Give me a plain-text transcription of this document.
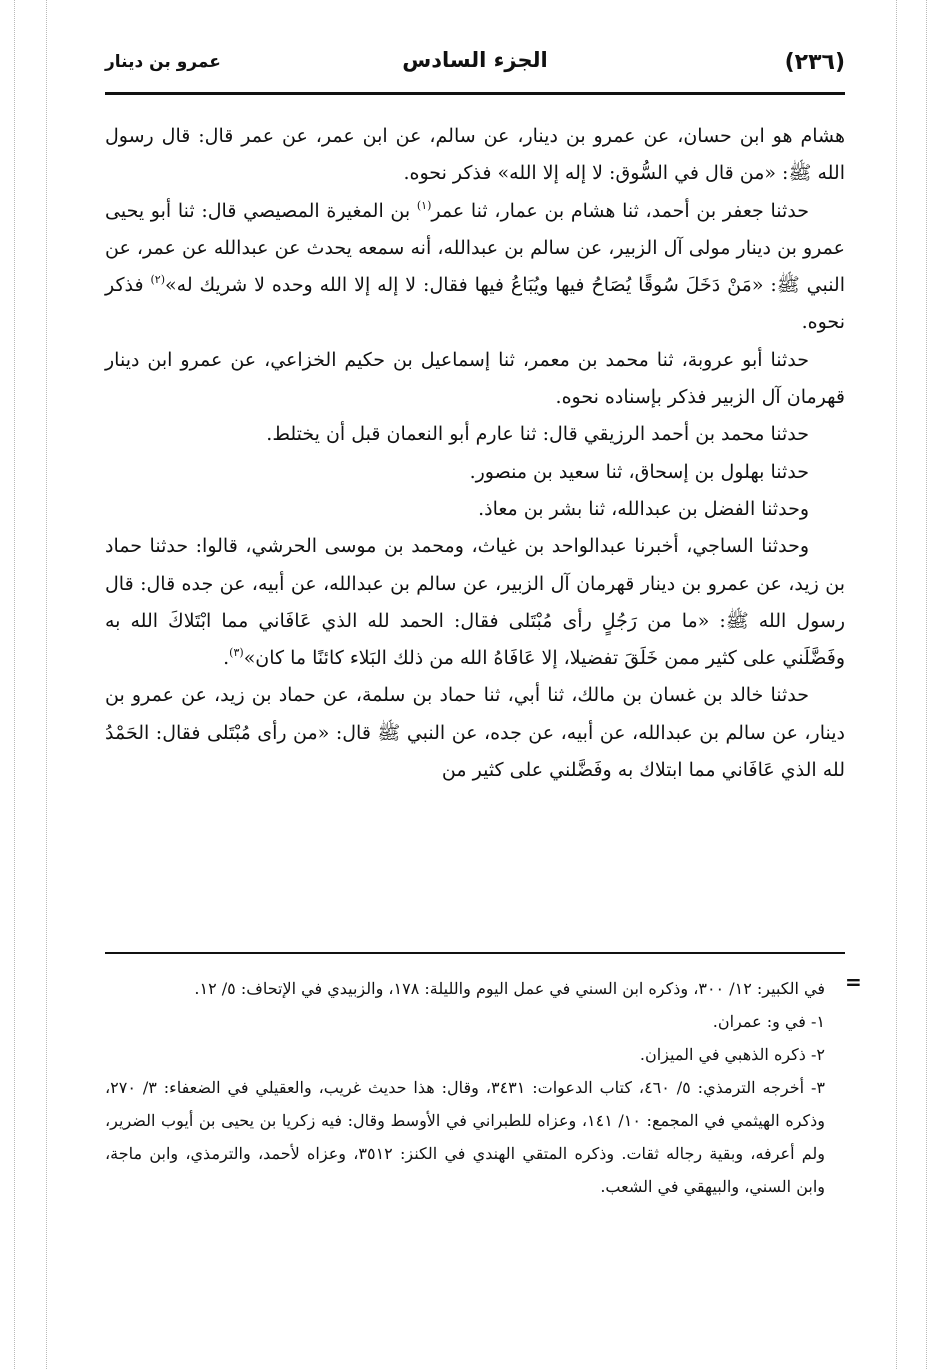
(٢٣٦)
الجزء السادس
عمرو بن دينار

هشام هو ابن حسان، عن عمرو بن دينار، عن سالم، عن ابن عمر، عن عمر قال: قال رسول الله ﷺ: «من قال في السُّوق: لا إله إلا الله» فذكر نحوه.

حدثنا جعفر بن أحمد، ثنا هشام بن عمار، ثنا عمر$^{(١)}$ بن المغيرة المصيصي قال: ثنا أبو يحيى عمرو بن دينار مولى آل الزبير، عن سالم بن عبدالله، أنه سمعه يحدث عن عبدالله عن عمر، عن النبي ﷺ: «مَنْ دَخَلَ سُوقًا يُصَاحُ فيها ويُبَاعُ فيها فقال: لا إله إلا الله وحده لا شريك له»$^{(٢)}$ فذكر نحوه.

حدثنا أبو عروبة، ثنا محمد بن معمر، ثنا إسماعيل بن حكيم الخزاعي، عن عمرو ابن دينار قهرمان آل الزبير فذكر بإسناده نحوه.

حدثنا محمد بن أحمد الرزيقي قال: ثنا عارم أبو النعمان قبل أن يختلط.

حدثنا بهلول بن إسحاق، ثنا سعيد بن منصور.

وحدثنا الفضل بن عبدالله، ثنا بشر بن معاذ.

وحدثنا الساجي، أخبرنا عبدالواحد بن غياث، ومحمد بن موسى الحرشي، قالوا: حدثنا حماد بن زيد، عن عمرو بن دينار قهرمان آل الزبير، عن سالم بن عبدالله، عن أبيه، عن جده قال: قال رسول الله ﷺ: «ما من رَجُلٍ رأى مُبْتَلى فقال: الحمد لله الذي عَافَاني مما ابْتَلاكَ الله به وفَضَّلَني على كثير ممن خَلَقَ تفضيلا، إلا عَافَاهُ الله من ذلك البَلاء كائنًا ما كان»$^{(٣)}$.

حدثنا خالد بن غسان بن مالك، ثنا أبي، ثنا حماد بن سلمة، عن حماد بن زيد، عن عمرو بن دينار، عن سالم بن عبدالله، عن أبيه، عن جده، عن النبي ﷺ قال: «من رأى مُبْتَلى فقال: الحَمْدُ لله الذي عَافَاني مما ابتلاك به وفَضَّلني على كثير من

=

في الكبير: ١٢/ ٣٠٠، وذكره ابن السني في عمل اليوم والليلة: ١٧٨، والزبيدي في الإتحاف: ٥/ ١٢.

١- في و: عمران.

٢- ذكره الذهبي في الميزان.

٣- أخرجه الترمذي: ٥/ ٤٦٠، كتاب الدعوات: ٣٤٣١، وقال: هذا حديث غريب، والعقيلي في الضعفاء: ٣/ ٢٧٠، وذكره الهيثمي في المجمع: ١٠/ ١٤١، وعزاه للطبراني في الأوسط وقال: فيه زكريا بن يحيى بن أيوب الضرير، ولم أعرفه، وبقية رجاله ثقات. وذكره المتقي الهندي في الكنز: ٣٥١٢، وعزاه لأحمد، والترمذي، وابن ماجة، وابن السني، والبيهقي في الشعب.
